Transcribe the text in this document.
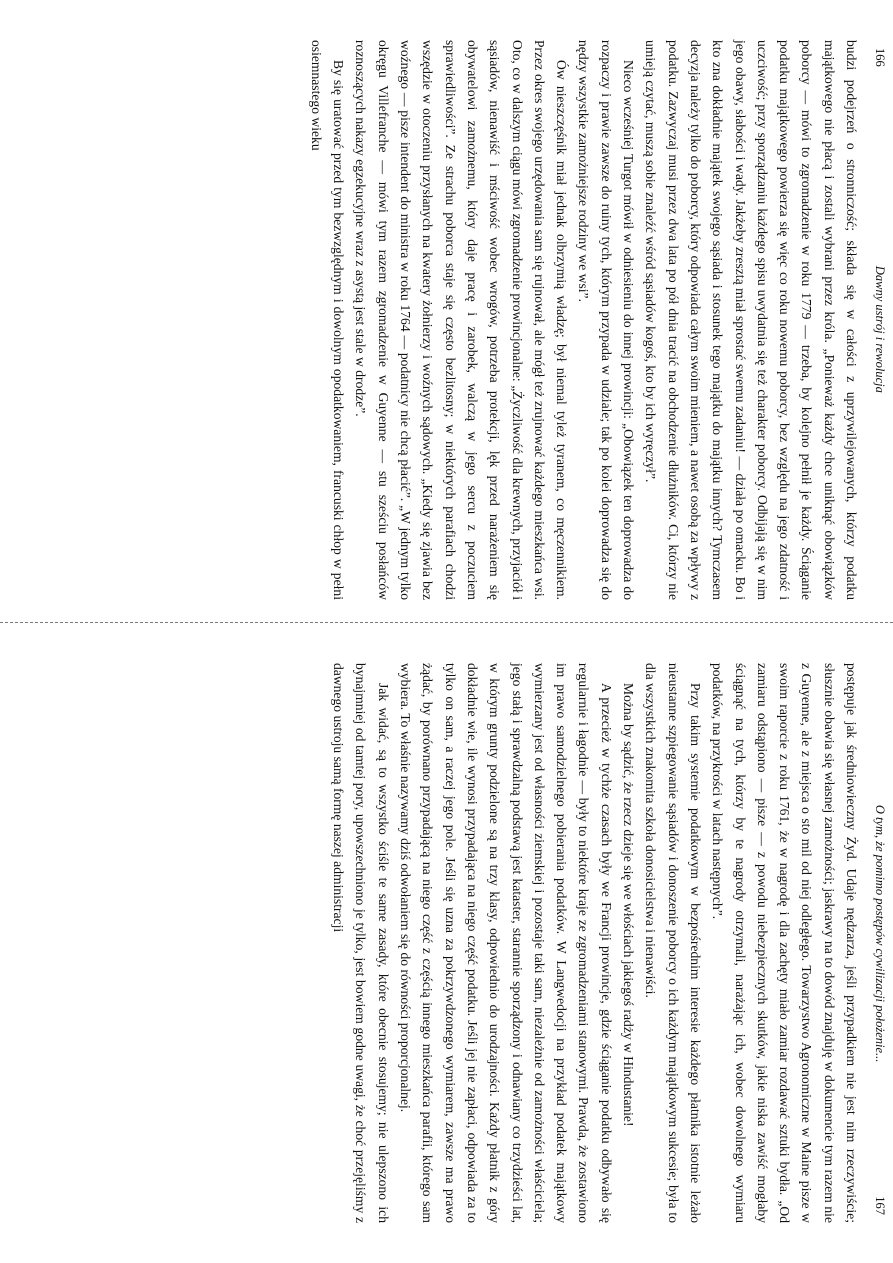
166
Dawny ustrój i rewolucja

budzi podejrzeń o stronniczość; składa się w całości z uprzywilejowanych, którzy podatku majątkowego nie płacą i zostali wybrani przez króla. „Ponieważ każdy chce uniknąć obowiązków poborcy — mówi to zgromadzenie w roku 1779 — trzeba, by kolejno pełnił je każdy. Ściąganie podatku majątkowego powierza się więc co roku nowemu poborcy, bez względu na jego zdatność i uczciwość; przy sporządzaniu każdego spisu uwydatnia się też charakter poborcy. Odbijają się w nim jego obawy, słabości i wady. Jakżeby zresztą miał sprostać swemu zadaniu! — działa po omacku. Bo i kto zna dokładnie majątek swojego sąsiada i stosunek tego majątku do majątku innych? Tymczasem decyzja należy tylko do poborcy, który odpowiada całym swoim mieniem, a nawet osobą za wpływy z podatku. Zazwyczaj musi przez dwa lata po pół dnia tracić na obchodzenie dłużników. Ci, którzy nie umieją czytać, muszą sobie znaleźć wśród sąsiadów kogoś, kto by ich wyręczył”.

Nieco wcześniej Turgot mówił w odniesieniu do innej prowincji: „Obowiązek ten doprowadza do rozpaczy i prawie zawsze do ruiny tych, którym przypada w udziale; tak po kolei doprowadza się do nędzy wszystkie zamożniejsze rodziny we wsi”.

Ów nieszczęśnik miał jednak olbrzymią władzę; był niemal tyleż tyranem, co męczennikiem. Przez okres swojego urzędowania sam się rujnował, ale mógł też zrujnować każdego mieszkańca wsi. Oto, co w dalszym ciągu mówi zgromadzenie prowincjonalne: „Życzliwość dla krewnych, przyjaciół i sąsiadów, nienawiść i mściwość wobec wrogów, potrzeba protekcji, lęk przed narażeniem się obywatelowi zamożnemu, który daje pracę i zarobek, walczą w jego sercu z poczuciem sprawiedliwości”. Ze strachu poborca staje się często bezlitosny; w niektórych parafiach chodzi wszędzie w otoczeniu przysłanych na kwatery żołnierzy i woźnych sądowych. „Kiedy się zjawia bez woźnego — pisze intendent do ministra w roku 1764 — podatnicy nie chcą płacić”. „W jednym tylko okręgu Villefranche — mówi tym razem zgromadzenie w Guyenne — stu sześciu posłańców roznoszących nakazy egzekucyjne wraz z asystą jest stale w drodze”.

By się uratować przed tym bezwzględnym i dowolnym opodatkowaniem, francuski chłop w pełni osiemnastego wieku

O tym, że pomimo postępów cywilizacji położenie...
167

postępuje jak średniowieczny Żyd. Udaje nędzarza, jeśli przypadkiem nie jest nim rzeczywiście; słusznie obawia się własnej zamożności; jaskrawy na to dowód znajduję w dokumencie tym razem nie z Guyenne, ale z miejsca o sto mil od niej odległego. Towarzystwo Agronomiczne w Maine pisze w swoim raporcie z roku 1761, że w nagrodę i dla zachęty miało zamiar rozdawać sztuki bydła. „Od zamiaru odstąpiono — pisze — z powodu niebezpiecznych skutków, jakie niska zawiść mogłaby ściągnąć na tych, którzy by te nagrody otrzymali, narażając ich, wobec dowolnego wymiaru podatków, na przykrości w latach następnych”.

Przy takim systemie podatkowym w bezpośrednim interesie każdego płatnika istotnie leżało nieustanne szpiegowanie sąsiadów i donoszenie poborcy o ich każdym majątkowym sukcesie; była to dla wszystkich znakomita szkoła donosicielstwa i nienawiści.

Można by sądzić, że rzecz dzieje się we włościach jakiegoś radży w Hindustanie!

A przecież w tychże czasach były we Francji prowincje, gdzie ściąganie podatku odbywało się regularnie i łagodnie — były to niektóre kraje ze zgromadzeniami stanowymi. Prawda, że zostawiono im prawo samodzielnego pobierania podatków. W Langwedocji na przykład podatek majątkowy wymierzany jest od własności ziemskiej i pozostaje taki sam, niezależnie od zamożności właściciela; jego stałą i sprawdzalną podstawą jest kataster, starannie sporządzony i odnawiany co trzydzieści lat, w którym grunty podzielone są na trzy klasy, odpowiednio do urodzajności. Każdy płatnik z góry dokładnie wie, ile wynosi przypadająca na niego część podatku. Jeśli jej nie zapłaci, odpowiada za to tylko on sam, a raczej jego pole. Jeśli się uzna za pokrzywdzonego wymiarem, zawsze ma prawo żądać, by porównano przypadającą na niego część z częścią innego mieszkańca parafii, którego sam wybiera. To właśnie nazywamy dziś odwołaniem się do równości proporcjonalnej.

Jak widać, są to wszystko ściśle te same zasady, które obecnie stosujemy; nie ulepszono ich bynajmniej od tamtej pory, upowszechniono je tylko, jest bowiem godne uwagi, że choć przejęliśmy z dawnego ustroju samą formę naszej administracji
